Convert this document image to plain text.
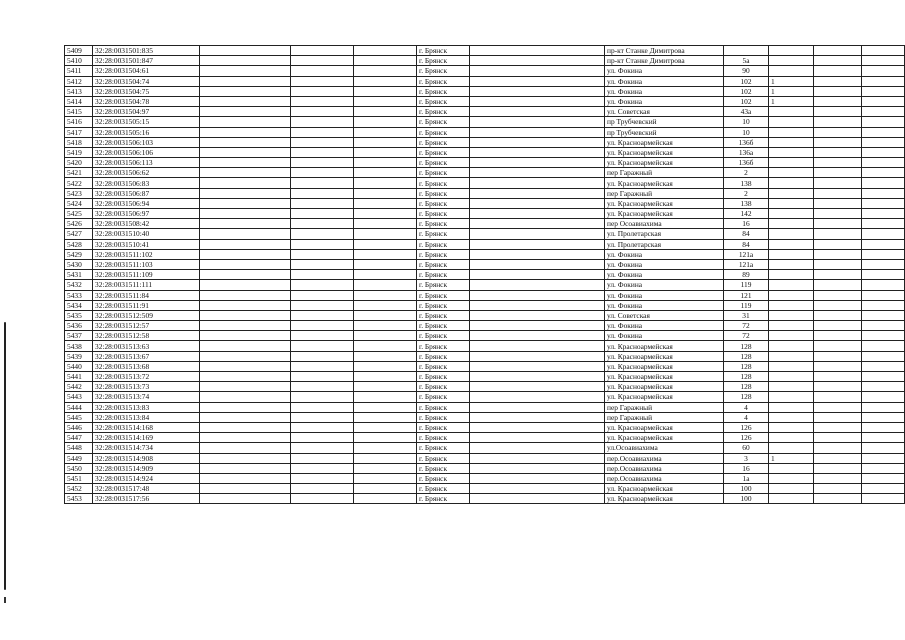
5409	32:28:0031501:835				г. Брянск		пр-кт Станке Димитрова				
5410	32:28:0031501:847				г. Брянск		пр-кт Станке Димитрова	5а			
5411	32:28:0031504:61				г. Брянск		ул. Фокина	90			
5412	32:28:0031504:74				г. Брянск		ул. Фокина	102	1		
5413	32:28:0031504:75				г. Брянск		ул. Фокина	102	1		
5414	32:28:0031504:78				г. Брянск		ул. Фокина	102	1		
5415	32:28:0031504:97				г. Брянск		ул. Советская	43а			
5416	32:28:0031505:15				г. Брянск		пр Трубчевский	10			
5417	32:28:0031505:16				г. Брянск		пр Трубчевский	10			
5418	32:28:0031506:103				г. Брянск		ул. Красноармейская	136б			
5419	32:28:0031506:106				г. Брянск		ул. Красноармейская	136а			
5420	32:28:0031506:113				г. Брянск		ул. Красноармейская	136б			
5421	32:28:0031506:62				г. Брянск		пер Гаражный	2			
5422	32:28:0031506:83				г. Брянск		ул. Красноармейская	138			
5423	32:28:0031506:87				г. Брянск		пер Гаражный	2			
5424	32:28:0031506:94				г. Брянск		ул. Красноармейская	138			
5425	32:28:0031506:97				г. Брянск		ул. Красноармейская	142			
5426	32:28:0031508:42				г. Брянск		пер Осоавиахима	16			
5427	32:28:0031510:40				г. Брянск		ул. Пролетарская	84			
5428	32:28:0031510:41				г. Брянск		ул. Пролетарская	84			
5429	32:28:0031511:102				г. Брянск		ул. Фокина	121а			
5430	32:28:0031511:103				г. Брянск		ул. Фокина	121а			
5431	32:28:0031511:109				г. Брянск		ул. Фокина	89			
5432	32:28:0031511:111				г. Брянск		ул. Фокина	119			
5433	32:28:0031511:84				г. Брянск		ул. Фокина	121			
5434	32:28:0031511:91				г. Брянск		ул. Фокина	119			
5435	32:28:0031512:509				г. Брянск		ул. Советская	31			
5436	32:28:0031512:57				г. Брянск		ул. Фокина	72			
5437	32:28:0031512:58				г. Брянск		ул. Фокина	72			
5438	32:28:0031513:63				г. Брянск		ул. Красноармейская	128			
5439	32:28:0031513:67				г. Брянск		ул. Красноармейская	128			
5440	32:28:0031513:68				г. Брянск		ул. Красноармейская	128			
5441	32:28:0031513:72				г. Брянск		ул. Красноармейская	128			
5442	32:28:0031513:73				г. Брянск		ул. Красноармейская	128			
5443	32:28:0031513:74				г. Брянск		ул. Красноармейская	128			
5444	32:28:0031513:83				г. Брянск		пер Гаражный	4			
5445	32:28:0031513:84				г. Брянск		пер Гаражный	4			
5446	32:28:0031514:168				г. Брянск		ул. Красноармейская	126			
5447	32:28:0031514:169				г. Брянск		ул. Красноармейская	126			
5448	32:28:0031514:734				г. Брянск		ул.Осоавиахима	60			
5449	32:28:0031514:908				г. Брянск		пер.Осоавиахима	3	1		
5450	32:28:0031514:909				г. Брянск		пер.Осоавиахима	16			
5451	32:28:0031514:924				г. Брянск		пер.Осоавиахима	1а			
5452	32:28:0031517:48				г. Брянск		ул. Красноармейская	100			
5453	32:28:0031517:56				г. Брянск		ул. Красноармейская	100			
